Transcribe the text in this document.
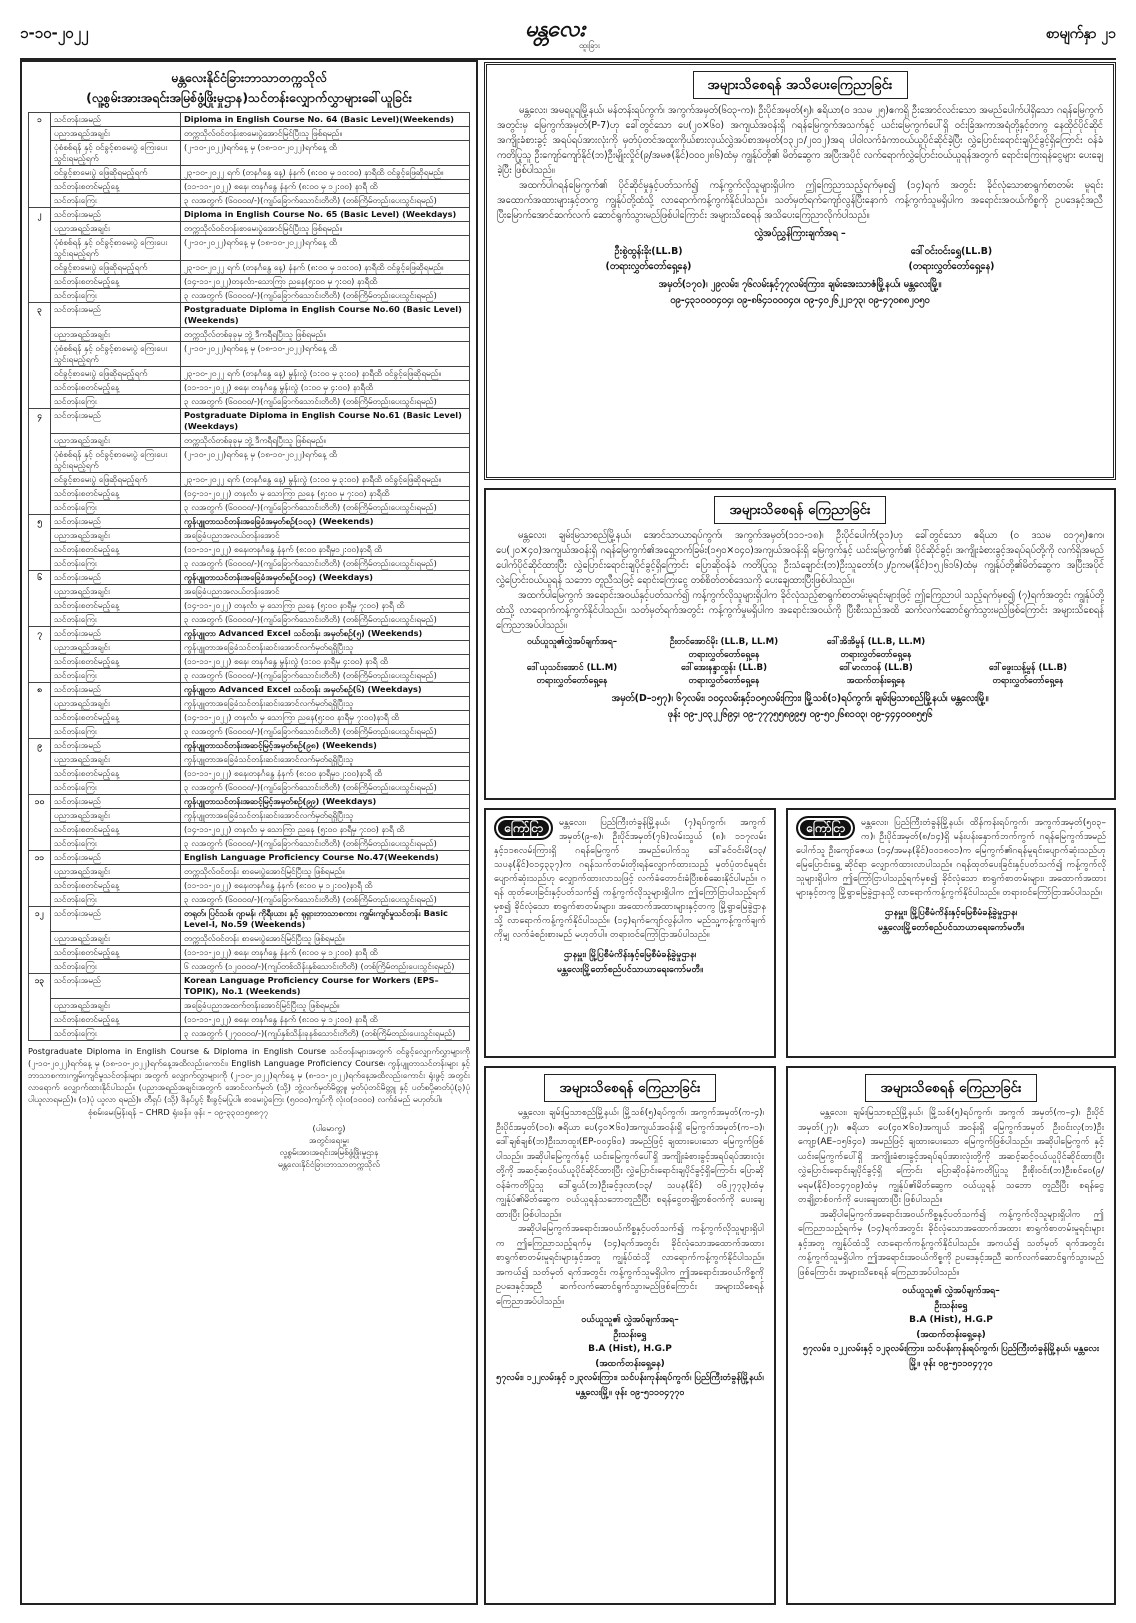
၁-၁၀-၂၀၂၂	မန္တလေး
ထူးခြား
စာမျက်နှာ ၂၁
မန္တလေးနိုင်ငံခြားဘာသာတက္ကသိုလ်
(လူ့စွမ်းအားအရင်းအမြစ်ဖွံ့ဖြိုးမှုဌာန)သင်တန်းလျှောက်လွှာများခေါ်ယူခြင်း
၁	သင်တန်းအမည်	Diploma in English Course No. 64 (Basic Level)(Weekends)
	ပညာအရည်အချင်း	တက္ကသိုလ်ဝင်တန်းစာမေးပွဲအောင်မြင်ပြီးသူ ဖြစ်ရမည်။
	ပုံစံစစ်ရန် နှင့် ဝင်ခွင့်စာမေးပွဲ ကြေးပေးသွင်းရမည့်ရက်	(၂-၁၀-၂၀၂၂)ရက်နေ့ မှ (၁၈-၁၀-၂၀၂၂)ရက်နေ့ ထိ
	ဝင်ခွင့်စာမေးပွဲ ဖြေဆိုရမည့်ရက်	၂၃-၁၀-၂၀၂၂ ရက် (တနင်္ဂနွေ နေ့) နံနက် (၈:၀၀ မှ ၁၀:၀၀) နာရီထိ ဝင်ခွင့်ဖြေဆိုရမည်။
	သင်တန်းစတင်မည့်နေ့	(၁၁-၁၁-၂၀၂၂) စနေ၊ တနင်္ဂနွေ နံနက် (၈:၀၀ မှ ၁၂:၀၀) နာရီ ထိ
	သင်တန်းကြေး	၃ လအတွက် (၆၀၀၀၀/-)(ကျပ်ခြောက်သောင်းတိတိ) (တစ်ကြိမ်တည်းပေးသွင်းရမည်)
၂	သင်တန်းအမည်	Diploma in English Course No. 65 (Basic Level) (Weekdays)
	ပညာအရည်အချင်း	တက္ကသိုလ်ဝင်တန်းစာမေးပွဲအောင်မြင်ပြီးသူ ဖြစ်ရမည်။
	ပုံစံစစ်ရန် နှင့် ဝင်ခွင့်စာမေးပွဲ ကြေးပေးသွင်းရမည့်ရက်	(၂-၁၀-၂၀၂၂)ရက်နေ့ မှ (၁၈-၁၀-၂၀၂၂)ရက်နေ့ ထိ
	ဝင်ခွင့်စာမေးပွဲ ဖြေဆိုရမည့်ရက်	၂၃-၁၀-၂၀၂၂ ရက် (တနင်္ဂနွေ နေ့) နံနက် (၈:၀၀ မှ ၁၀:၀၀) နာရီထိ ဝင်ခွင့်ဖြေဆိုရမည်။
	သင်တန်းစတင်မည့်နေ့	(၁၄-၁၁-၂၀၂၂)တနင်္လာ-သောကြာ ညနေ(၅:၀၀ မှ ၇:၀၀) နာရီထိ
	သင်တန်းကြေး	၃ လအတွက် (၆၀၀၀၀/-)(ကျပ်ခြောက်သောင်းတိတိ) (တစ်ကြိမ်တည်းပေးသွင်းရမည်)
၃	သင်တန်းအမည်	Postgraduate Diploma in English Course No.60 (Basic Level) (Weekends)
	ပညာအရည်အချင်း	တက္ကသိုလ်တစ်ခုခုမှ ဘွဲ့ ဒီကရီရပြီးသူ ဖြစ်ရမည်။
	ပုံစံစစ်ရန် နှင့် ဝင်ခွင့်စာမေးပွဲ ကြေးပေးသွင်းရမည့်ရက်	(၂-၁၀-၂၀၂၂)ရက်နေ့ မှ (၁၈-၁၀-၂၀၂၂)ရက်နေ့ ထိ
	ဝင်ခွင့်စာမေးပွဲ ဖြေဆိုရမည့်ရက်	၂၃-၁၀-၂၀၂၂ ရက် (တနင်္ဂနွေ နေ့) မွန်းလွဲ (၁:၀၀ မှ ၃:၀၀) နာရီထိ ဝင်ခွင့်ဖြေဆိုရမည်။
	သင်တန်းစတင်မည့်နေ့	(၁၁-၁၁-၂၀၂၂) စနေ၊ တနင်္ဂနွေ မွန်းလွဲ (၁:၀၀ မှ ၄:၀၀) နာရီထိ
	သင်တန်းကြေး	၃ လအတွက် (၆၀၀၀၀/-)(ကျပ်ခြောက်သောင်းတိတိ) (တစ်ကြိမ်တည်းပေးသွင်းရမည်)
၄	သင်တန်းအမည်	Postgraduate Diploma in English Course No.61 (Basic Level) (Weekdays)
	ပညာအရည်အချင်း	တက္ကသိုလ်တစ်ခုခုမှ ဘွဲ့ ဒီကရီရပြီးသူ ဖြစ်ရမည်။
	ပုံစံစစ်ရန် နှင့် ဝင်ခွင့်စာမေးပွဲ ကြေးပေးသွင်းရမည့်ရက်	(၂-၁၀-၂၀၂၂)ရက်နေ့ မှ (၁၈-၁၀-၂၀၂၂)ရက်နေ့ ထိ
	ဝင်ခွင့်စာမေးပွဲ ဖြေဆိုရမည့်ရက်	၂၃-၁၀-၂၀၂၂ ရက် (တနင်္ဂနွေ နေ့) မွန်းလွဲ (၁:၀၀ မှ ၃:၀၀) နာရီထိ ဝင်ခွင့်ဖြေဆိုရမည်။
	သင်တန်းစတင်မည့်နေ့	(၁၄-၁၁-၂၀၂၂) တနင်္လာ မှ သောကြာ ညနေ (၅:၀၀ မှ ၇:၀၀) နာရီထိ
	သင်တန်းကြေး	၃ လအတွက် (၆၀၀၀၀/-)(ကျပ်ခြောက်သောင်းတိတိ) (တစ်ကြိမ်တည်းပေးသွင်းရမည်)
၅	သင်တန်းအမည်	ကွန်ပျူတာသင်တန်းအခြေခံအမှတ်စဉ်(၁၀၃) (Weekends)
	ပညာအရည်အချင်း	အခြေခံပညာအလယ်တန်းအောင်
	သင်တန်းစတင်မည့်နေ့	(၁၁-၁၁-၂၀၂၂) စနေ၊တနင်္ဂနွေ နံနက် (၈:၀၀ နာရီမှ၁၂:၀၀)နာရီ ထိ
	သင်တန်းကြေး	၃ လအတွက် (၆၀၀၀၀/-)(ကျပ်ခြောက်သောင်းတိတိ) (တစ်ကြိမ်တည်းပေးသွင်းရမည်)
၆	သင်တန်းအမည်	ကွန်ပျူတာသင်တန်းအခြေခံအမှတ်စဉ်(၁၀၄) (Weekdays)
	ပညာအရည်အချင်း	အခြေခံပညာအလယ်တန်းအောင်
	သင်တန်းစတင်မည့်နေ့	(၁၄-၁၁-၂၀၂၂) တနင်္လာ မှ သောကြာ ညနေ (၅:၀၀ နာရီမှ ၇:၀၀) နာရီ ထိ
	သင်တန်းကြေး	၃ လအတွက် (၆၀၀၀၀/-)(ကျပ်ခြောက်သောင်းတိတိ) (တစ်ကြိမ်တည်းပေးသွင်းရမည်)
၇	သင်တန်းအမည်	ကွန်ပျူတာ Advanced Excel သင်တန်း အမှတ်စဉ်(၅) (Weekends)
	ပညာအရည်အချင်း	ကွန်ပျူတာအခြေခံသင်တန်းဆင်းအောင်လက်မှတ်ရရှိပြီးသူ
	သင်တန်းစတင်မည့်နေ့	(၁၁-၁၁-၂၀၂၂) စနေ၊ တနင်္ဂနွေ မွန်းလွဲ (၁:၀၀ နာရီမှ ၄:၀၀) နာရီ ထိ
	သင်တန်းကြေး	၃ လအတွက် (၆၀၀၀၀/-)(ကျပ်ခြောက်သောင်းတိတိ) (တစ်ကြိမ်တည်းပေးသွင်းရမည်)
၈	သင်တန်းအမည်	ကွန်ပျူတာ Advanced Excel သင်တန်း အမှတ်စဉ်(၆) (Weekdays)
	ပညာအရည်အချင်း	ကွန်ပျူတာအခြေခံသင်တန်းဆင်းအောင်လက်မှတ်ရရှိပြီးသူ
	သင်တန်းစတင်မည့်နေ့	(၁၄-၁၁-၂၀၂၂) တနင်္လာ မှ သောကြာ ညနေ(၅:၀၀ နာရီမှ ၇:၀၀)နာရီ ထိ
	သင်တန်းကြေး	၃ လအတွက် (၆၀၀၀၀/-)(ကျပ်ခြောက်သောင်းတိတိ) (တစ်ကြိမ်တည်းပေးသွင်းရမည်)
၉	သင်တန်းအမည်	ကွန်ပျူတာသင်တန်းအဆင့်မြင့်အမှတ်စဉ်(၉၈) (Weekends)
	ပညာအရည်အချင်း	ကွန်ပျူတာအခြေခံသင်တန်းဆင်းအောင်လက်မှတ်ရရှိပြီးသူ
	သင်တန်းစတင်မည့်နေ့	(၁၁-၁၁-၂၀၂၂) စနေ၊တနင်္ဂနွေ နံနက် (၈:၀၀ နာရီမှ၁၂:၀၀)နာရီ ထိ
	သင်တန်းကြေး	၃ လအတွက် (၆၀၀၀၀/-)(ကျပ်ခြောက်သောင်းတိတိ) (တစ်ကြိမ်တည်းပေးသွင်းရမည်)
၁၀	သင်တန်းအမည်	ကွန်ပျူတာသင်တန်းအဆင့်မြင့်အမှတ်စဉ်(၉၉) (Weekdays)
	ပညာအရည်အချင်း	ကွန်ပျူတာအခြေခံသင်တန်းဆင်းအောင်လက်မှတ်ရရှိပြီးသူ
	သင်တန်းစတင်မည့်နေ့	(၁၄-၁၁-၂၀၂၂) တနင်္လာ မှ သောကြာ ညနေ (၅:၀၀ နာရီမှ ၇:၀၀) နာရီ ထိ
	သင်တန်းကြေး	၃ လအတွက် (၆၀၀၀၀/-)(ကျပ်ခြောက်သောင်းတိတိ) (တစ်ကြိမ်တည်းပေးသွင်းရမည်)
၁၁	သင်တန်းအမည်	English Language Proficiency Course No.47(Weekends)
	ပညာအရည်အချင်း	တက္ကသိုလ်ဝင်တန်း စာမေးပွဲအောင်မြင်ပြီးသူ ဖြစ်ရမည်။
	သင်တန်းစတင်မည့်နေ့	(၁၁-၁၁-၂၀၂၂) စနေ၊တနင်္ဂနွေ နံနက် (၈:၀၀ မှ ၁၂:၀၀)နာရီ ထိ
	သင်တန်းကြေး	၃ လအတွက် (၆၀၀၀၀/-)(ကျပ်ခြောက်သောင်းတိတိ) (တစ်ကြိမ်တည်းပေးသွင်းရမည်)
၁၂	သင်တန်းအမည်	တရုတ်၊ ပြင်သစ်၊ ဂျာမန်၊ ကိုရီးယား နှင့် ရုရှားဘာသာစကား ကျွမ်းကျင်မှုသင်တန်း Basic Level-I, No.59 (Weekends)
	ပညာအရည်အချင်း	တက္ကသိုလ်ဝင်တန်း စာမေးပွဲအောင်မြင်ပြီးသူ ဖြစ်ရမည်။
	သင်တန်းစတင်မည့်နေ့	(၁၁-၁၁-၂၀၂၂) စနေ၊ တနင်္ဂနွေ နံနက် (၈:၀၀ မှ ၁၂:၀၀) နာရီ ထိ
	သင်တန်းကြေး	၆ လအတွက် (၁၂၀၀၀၀/-)(ကျပ်တစ်သိန်းနှစ်သောင်းတိတိ) (တစ်ကြိမ်တည်းပေးသွင်းရမည်)
၁၃	သင်တန်းအမည်	Korean Language Proficiency Course for Workers (EPS–TOPIK), No.1 (Weekends)
	ပညာအရည်အချင်း	အခြေခံပညာအထက်တန်းအောင်မြင်ပြီးသူ ဖြစ်ရမည်။
	သင်တန်းစတင်မည့်နေ့	(၁၁-၁၁-၂၀၂၂) စနေ၊ တနင်္ဂနွေ နံနက် (၈:၀၀ မှ ၁၂:၀၀) နာရီ ထိ
	သင်တန်းကြေး	၃ လအတွက် (၂၇၀၀၀၀/-)(ကျပ်နှစ်သိန်းခုနစ်သောင်းတိတိ) (တစ်ကြိမ်တည်းပေးသွင်းရမည်)
Postgraduate Diploma in English Course & Diploma in English Course သင်တန်းများအတွက် ဝင်ခွင့်လျှောက်လွှာများကို (၂-၁၀-၂၀၂၂)ရက်နေ့ မှ (၁၈-၁၀-၂၀၂၂)ရက်နေ့အထိလည်းကောင်း၊ English Language Proficiency Course၊ ကွန်ပျူတာသင်တန်းများ နှင့် ဘာသာစကားကျွမ်းကျင်မှုသင်တန်းများ အတွက် လျှောက်လွှာများကို (၂-၁၀-၂၀၂၂)ရက်နေ့ မှ (၈-၁၁-၂၀၂၂)ရက်နေ့အထိလည်းကောင်း ရုံးဖွင့် အတွင်းလာရောက် လျှောက်ထားနိုင်ပါသည်။ (ပညာအရည်အချင်းအတွက် အောင်လက်မှတ် (သို့) ဘွဲ့လက်မှတ်မိတ္တူ၊ မှတ်ပုံတင်မိတ္တူ နှင့် ပတ်စပို့ဓာတ်ပုံ(၃)ပုံ ပါယူလာရမည်)။ (၁)ပုံ ယူလာ ရမည်)။ တီရှပ် (သို့) ဖိနပ်ပွင့် စီးခွင့်မပြုပါ။ စာမေးပွဲကြေး (၅၀၀၀)ကျပ်ကို လုံးဝ(၁၀၀၀) လက်ခံမည် မဟုတ်ပါ။
စုံစမ်းမေးမြန်းရန် – CHRD ရုံးခန်း၊ ဖုန်း – ၀၉-၃၃၀၁၅၈၈၇၇
(ပါမောက္ခ)
အတွင်းရေးမှူး
လူ့စွမ်းအားအရင်းအမြစ်ဖွံ့ဖြိုးမှုဌာန
မန္တလေးနိုင်ငံခြားဘာသာတက္ကသိုလ်
အများသိစေရန် အသိပေးကြေညာခြင်း
မန္တလေး၊ အမရပူရမြို့နယ်၊ မန်တန်းရပ်ကွက်၊ အကွက်အမှတ်(၆၀၃-က)၊ ဦးပိုင်အမှတ်(၅)၊ ဧရိယာ(၀ ဒသမ ၂၅)ဧကရှိ ဦးအောင်လင်းသော အမည်ပေါက်ပါရှိသော ဂရန်မြေကွက်အတွင်းမှ မြေကွက်အမှတ်(P-7)ဟု ခေါ်တွင်သော ပေ(၂၀×၆၀) အကျယ်အဝန်းရှိ ဂရန်မြေကွက်အသက်နှင့် ယင်းမြေကွက်ပေါ်ရှိ ဝင်းခြံအကာအရံတို့နှင့်တကွ နေထိုင်ပိုင်ဆိုင်အကျိုးခံစားခွင့် အရပ်ရပ်အားလုံးကို မှတ်ပုံတင်အထူးကိုယ်စားလှယ်လွှဲအပ်စာအမှတ်(၁၃၂၁/၂၀၁၂)အရ ပါဝါလက်ခံကာ၀ယ်ယူပိုင်ဆိုင်ခဲ့ပြီး လွှဲပြောင်းရောင်းချပိုင်ခွင့်ရှိကြောင်း ဝန်ခံကတိပြုသူ ဦးကျော်ကျော်နိုင်(ဘ)ဦးမျိုးလှိုင်(၉/အမဇ(နိုင်)၀၀၀၂၈၆)ထံမှ ကျွန်ုပ်တို့၏ မိတ်ဆွေက အပြီးအပိုင် လက်ရောက်လွှဲပြောင်း၀ယ်ယူရန်အတွက် ရောင်းကြေးရန်ငွေများ ပေးချေခဲ့ပြီး ဖြစ်ပါသည်။
အထက်ပါဂရန်မြေကွက်၏ ပိုင်ဆိုင်မှုနှင့်ပတ်သက်၍ ကန့်ကွက်လိုသူများရှိပါက ဤကြေညာသည့်ရက်မှစ၍ (၁၄)ရက် အတွင်း ခိုင်လုံသောစာရွက်စာတမ်း မူရင်းအထောက်အထားများနှင့်တကွ ကျွန်ုပ်တို့ထံသို့ လာရောက်ကန့်ကွက်နိုင်ပါသည်။ သတ်မှတ်ရက်ကျော်လွန်ပြီးနောက် ကန့်ကွက်သူမရှိပါက အရောင်းအဝယ်ကိစ္စကို ဥပဒေနှင့်အညီ ပြီးမြောက်အောင်ဆက်လက် ဆောင်ရွက်သွားမည်ဖြစ်ပါကြောင်း အများသိစေရန် အသိပေးကြေညာလိုက်ပါသည်။
လွှဲအပ်ညွှန်ကြားချက်အရ –
ဦးစွဲထွန်းခိုး(LL.B)
(တရားလွှတ်တော်ရှေ့နေ)
ဒေါ်ဝင်းဝင်းရွှေ(LL.B)
(တရားလွှတ်တော်ရှေ့နေ)
အမှတ်(၁၇၀)၊ ၂၉လမ်း၊ ၇၆လမ်းနှင့်၇၇လမ်းကြား၊ ချမ်းအေးသာဇံမြို့နယ်၊ မန္တလေးမြို့။
၀၉-၄၃၁၀၀၀၄၀၄၊ ၀၉-၈၆၄၁၀၀၀၄၀၊ ၀၉-၄၀၂၆၂၂၁၇၃၊ ၀၉-၄၇၀၈၈၂၀၅၀
အများသိစေရန် ကြေညာခြင်း
မန္တလေး၊ ချမ်းမြသာစည်မြို့နယ်၊ အောင်သာယာရပ်ကွက်၊ အကွက်အမှတ်(၁၁၁-၁၈)၊ ဦးပိုင်ပေါက်(၃၁)ဟု ခေါ်တွင်သော ဧရိယာ (၀ ဒသမ ၀၁၇၅)ဧက၊ ပေ(၂၀×၄၀)အကျယ်အဝန်းရှိ ဂရန်မြေကွက်၏အရှေ့ဘက်ခြမ်း(၁၅၀×၀၄၀)အကျယ်အဝန်းရှိ မြေကွက်နှင့် ယင်းမြေကွက်၏ ပိုင်ဆိုင်ခွင့်၊ အကျိုးခံစားခွင့်အရပ်ရပ်တို့ကို လက်ရှိအမည်ပေါက်ပိုင်ဆိုင်ထားပြီး လွှဲပြောင်းရောင်းချပိုင်ခွင့်ရှိကြောင်း ပြောဆိုဝန်ခံ ကတိပြုသူ ဦးသံချောင်း(ဘ)ဦးသူတော်(၁၂/ဥကမ(နိုင်)၁၅၂၆၁၆)ထံမှ ကျွန်ုပ်တို့၏မိတ်ဆွေက အပြီးအပိုင် လွှဲပြောင်း၀ယ်ယူရန် သဘော တူညီသဖြင့် ရောင်းကြေးငွေ တစ်စိတ်တစ်ဒေသကို ပေးချေထားပြီးဖြစ်ပါသည်။
အထက်ပါမြေကွက် အရောင်းအဝယ်နှင့်ပတ်သက်၍ ကန့်ကွက်လိုသူများရှိပါက ခိုင်လုံသည့်စာရွက်စာတမ်းမူရင်းများဖြင့် ဤကြေညာပါ သည့်ရက်မှစ၍ (၇)ရက်အတွင်း ကျွန်ုပ်တို့ထံသို့ လာရောက်ကန့်ကွက်နိုင်ပါသည်။ သတ်မှတ်ရက်အတွင်း ကန့်ကွက်မှုမရှိပါက အရောင်းအဝယ်ကို ပြီးစီးသည်အထိ ဆက်လက်ဆောင်ရွက်သွားမည်ဖြစ်ကြောင်း အများသိစေရန် ကြေညာအပ်ပါသည်။
ဝယ်ယူသူ၏လွှဲအပ်ချက်အရ–	ဦးတင်အောင်မိုး (LL.B, LL.M)
တရားလွှတ်တော်ရှေ့နေ
ဒေါ်အိအိမွန် (LL.B, LL.M)
တရားလွှတ်တော်ရှေ့နေ
ဒေါ်ယုသင်းအောင် (LL.M)
တရားလွှတ်တော်ရှေ့နေ
ဒေါ်အေးနန္ဒာထွန်း (LL.B)
တရားလွှတ်တော်ရှေ့နေ
ဒေါ်မာလာဝန် (LL.B)
အထက်တန်းရှေ့နေ
ဒေါ်ဖွေးသန့်မွန် (LL.B)
တရားလွှတ်တော်ရှေ့နေ
အမှတ်(D–၁၅၇)၊ ၆၇လမ်း၊ ၁၀၄လမ်းနှင့်၁၀၅လမ်းကြား၊ မြို့သစ်(၁)ရပ်ကွက်၊ ချမ်းမြသာစည်မြို့နယ်၊ မန္တလေးမြို့။
ဖုန်း ၀၉-၂၀၃၂၂၆၉၄၊ ၀၉-၇၇၇၅၅၈၉၉၅၊ ၀၉-၅၀၂၆၈၁၀၃၊ ၀၉-၄၄၄၀၀၈၅၅၆
ကြော်ငြာ	မန္တလေး၊ ပြည်ကြီးတံခွန်မြို့နယ်၊ (၇)ရပ်ကွက်၊ အကွက်အမှတ်(၉-၈)၊ ဦးပိုင်အမှတ်(၇၆)လမ်းသွယ် (၈)၊ ၁၁၇လမ်းနှင့်၁၁၈လမ်းကြားရှိ ဂရန်မြေကွက် အမည်ပေါက်သူ ဒေါ်ခင်ဝင်းမိ(၁၃/သပန(နိုင်)၀၁၄၃၃၇)က ဂရန်သက်တမ်းတိုးရန်လျှောက်ထားသည့် မှတ်ပုံတင်မူရင်း ပျောက်ဆုံးသည်ဟု လျှောက်ထားလာသဖြင့် လက်ခံတောင်းခံပြီးစစ်ဆေးနိုင်ပါမည်။ ဂရန် ထုတ်ပေးခြင်းနှင့်ပတ်သက်၍ ကန့်ကွက်လိုသူများရှိပါက ဤကြော်ငြာပါသည့်ရက်မှစ၍ ခိုင်လုံသော စာရွက်စာတမ်းများ၊ အထောက်အထားများနှင့်တကွ မြို့ရွာမြေခွဲဌာနသို့ လာရောက်ကန့်ကွက်နိုင်ပါသည်။ (၁၄)ရက်ကျော်လွန်ပါက မည်သူ့ကန့်ကွက်ချက်ကိုမျှ လက်ခံစဉ်းစားမည် မဟုတ်ပါ။ တရားဝင်ကြော်ငြာအပ်ပါသည်။
ဌာနမှူး၊ မြို့ပြစီမံကိန်းနှင့်မြေစီမံခန့်ခွဲမှုဌာန၊
မန္တလေးမြို့တော်စည်ပင်သာယာရေးကော်မတီ။
ကြော်ငြာ	မန္တလေး၊ ပြည်ကြီးတံခွန်မြို့နယ်၊ ထိန်ကန်းရပ်ကွက်၊ အကွက်အမှတ်(၅၀၃–က)၊ ဦးပိုင်အမှတ်(၈/၁၄)ရှိ မန်းပန်းနှောက်ဘက်ကွက် ဂရန်မြေကွက်အမည်ပေါက်သူ ဦးကျော်ဇေယ (၁၄/အမန(နိုင်)၀၀၁၈၀၁)က မြေကွက်၏ဂရန်မူရင်းပျောက်ဆုံးသည်ဟု မြေပြောင်းရွှေ့ ဆိုင်ရာ လျှောက်ထားလာပါသည်။ ဂရန်ထုတ်ပေးခြင်းနှင့်ပတ်သက်၍ ကန့်ကွက်လိုသူများရှိပါက ဤကြော်ငြာပါသည့်ရက်မှစ၍ ခိုင်လုံသော စာရွက်စာတမ်းများ၊ အထောက်အထားများနှင့်တကွ မြို့ရွာမြေခွဲဌာနသို့ လာရောက်ကန့်ကွက်နိုင်ပါသည်။ တရားဝင်ကြော်ငြာအပ်ပါသည်။
ဌာနမှူး၊ မြို့ပြစီမံကိန်းနှင့်မြေစီမံခန့်ခွဲမှုဌာန၊
မန္တလေးမြို့တော်စည်ပင်သာယာရေးကော်မတီ။
အများသိစေရန် ကြေညာခြင်း
မန္တလေး၊ ချမ်းမြသာစည်မြို့နယ်၊ မြို့သစ်(၅)ရပ်ကွက်၊ အကွက်အမှတ်(က-၄)၊ ဦးပိုင်အမှတ်(၁၀)၊ ဧရိယာ ပေ(၄၀×၆၀)အကျယ်အဝန်းရှိ မြေကွက်အမှတ်(က–၁)၊ ဒေါ်ချစ်ချစ်(ဘ)ဦးသာထူး(EP-၀၀၄၆၀) အမည်ဖြင့် ချထားပေးသော မြေကွက်ဖြစ်ပါသည်။ အဆိုပါမြေကွက်နှင့် ယင်းမြေကွက်ပေါ်ရှိ အကျိုးခံစားခွင့်အရပ်ရပ်အားလုံးတို့ကို အဆင့်ဆင့်ဝယ်ယူပိုင်ဆိုင်ထားပြီး လွှဲပြောင်းရောင်းချပိုင်ခွင့်ရှိကြောင်း ပြောဆို ဝန်ခံကတိပြုသူ ဒေါ်ရွယ်(ဘ)ဦးခင့်ဒုလာ(၁၃/ သပန(နိုင်) ၀၆၂၇၇၃)ထံမှ ကျွန်ုပ်၏မိတ်ဆွေက ဝယ်ယူရန်သဘောတူညီပြီး စရန်ငွေတချို့တစ်ဝက်ကို ပေးချေထားပြီး ဖြစ်ပါသည်။
အဆိုပါမြေကွက်အရောင်းအဝယ်ကိစ္စနှင့်ပတ်သက်၍ ကန့်ကွက်လိုသူများရှိပါက ဤကြေညာသည့်ရက်မှ (၁၄)ရက်အတွင်း ခိုင်လုံသောအထောက်အထား စာရွက်စာတမ်းမူရင်းများနှင့်အတူ ကျွန်ုပ်ထံသို့ လာရောက်ကန့်ကွက်နိုင်ပါသည်။ အကယ်၍ သတ်မှတ် ရက်အတွင်း ကန့်ကွက်သူမရှိပါက ဤအရောင်းအဝယ်ကိစ္စကို ဥပဒေနှင့်အညီ ဆက်လက်ဆောင်ရွက်သွားမည်ဖြစ်ကြောင်း အများသိစေရန် ကြေညာအပ်ပါသည်။
ဝယ်ယူသူ၏ လွှဲအပ်ချက်အရ–
ဦးသန်းရွှေ
B.A (Hist), H.G.P
(အထက်တန်းရှေ့နေ)
၅၇လမ်း၊ ၁၂၂လမ်းနှင့် ၁၂၃လမ်းကြား၊ သင်ပန်းကုန်းရပ်ကွက်၊ ပြည်ကြီးတံခွန်မြို့နယ်၊ မန္တလေးမြို့။ ဖုန်း ၀၉-၅၁၁၀၄၇၇၀
အများသိစေရန် ကြေညာခြင်း
မန္တလေး၊ ချမ်းမြသာစည်မြို့နယ်၊ မြို့သစ်(၅)ရပ်ကွက်၊ အကွက် အမှတ်(က–၄)၊ ဦးပိုင်အမှတ်(၂၇)၊ ဧရိယာ ပေ(၄၀×၆၀)အကျယ် အဝန်းရှိ မြေကွက်အမှတ် ဦးဝင်းလှ(ဘ)ဦးကျော့(AE–၁၅၆၄၀) အမည်ဖြင့် ချထားပေးသော မြေကွက်ဖြစ်ပါသည်။ အဆိုပါမြေကွက် နှင့်ယင်းမြေကွက်ပေါ်ရှိ အကျိုးခံစားခွင့်အရပ်ရပ်အားလုံးတို့ကို အဆင့်ဆင့်ဝယ်ယူပိုင်ဆိုင်ထားပြီး လွှဲပြောင်းရောင်းချပိုင်ခွင့်ရှိ ကြောင်း ပြောဆိုဝန်ခံကတိပြုသူ ဦးစိုးဝင်း(ဘ)ဦးစင်ဝေ(၉/ မရမ(နိုင်)၀၁၄၇၀၉)ထံမှ ကျွန်ုပ်၏မိတ်ဆွေက ဝယ်ယူရန် သဘော တူညီပြီး စရန်ငွေတချို့တစ်ဝက်ကို ပေးချေထားပြီး ဖြစ်ပါသည်။
အဆိုပါမြေကွက်အရောင်းအဝယ်ကိစ္စနှင့်ပတ်သက်၍ ကန့်ကွက်လိုသူများရှိပါက ဤကြေညာသည့်ရက်မှ (၁၄)ရက်အတွင်း ခိုင်လုံသောအထောက်အထား စာရွက်စာတမ်းမူရင်းများနှင့်အတူ ကျွန်ုပ်ထံသို့ လာရောက်ကန့်ကွက်နိုင်ပါသည်။ အကယ်၍ သတ်မှတ် ရက်အတွင်း ကန့်ကွက်သူမရှိပါက ဤအရောင်းအဝယ်ကိစ္စကို ဥပဒေနှင့်အညီ ဆက်လက်ဆောင်ရွက်သွားမည်ဖြစ်ကြောင်း အများသိစေရန် ကြေညာအပ်ပါသည်။
ဝယ်ယူသူ၏ လွှဲအပ်ချက်အရ–
ဦးသန်းရွှေ
B.A (Hist), H.G.P
(အထက်တန်းရှေ့နေ)
၅၇လမ်း၊ ၁၂၂လမ်းနှင့် ၁၂၃လမ်းကြား၊ သင်ပန်းကုန်းရပ်ကွက်၊ ပြည်ကြီးတံခွန်မြို့နယ်၊ မန္တလေးမြို့။ ဖုန်း ၀၉-၅၁၁၀၄၇၇၀
